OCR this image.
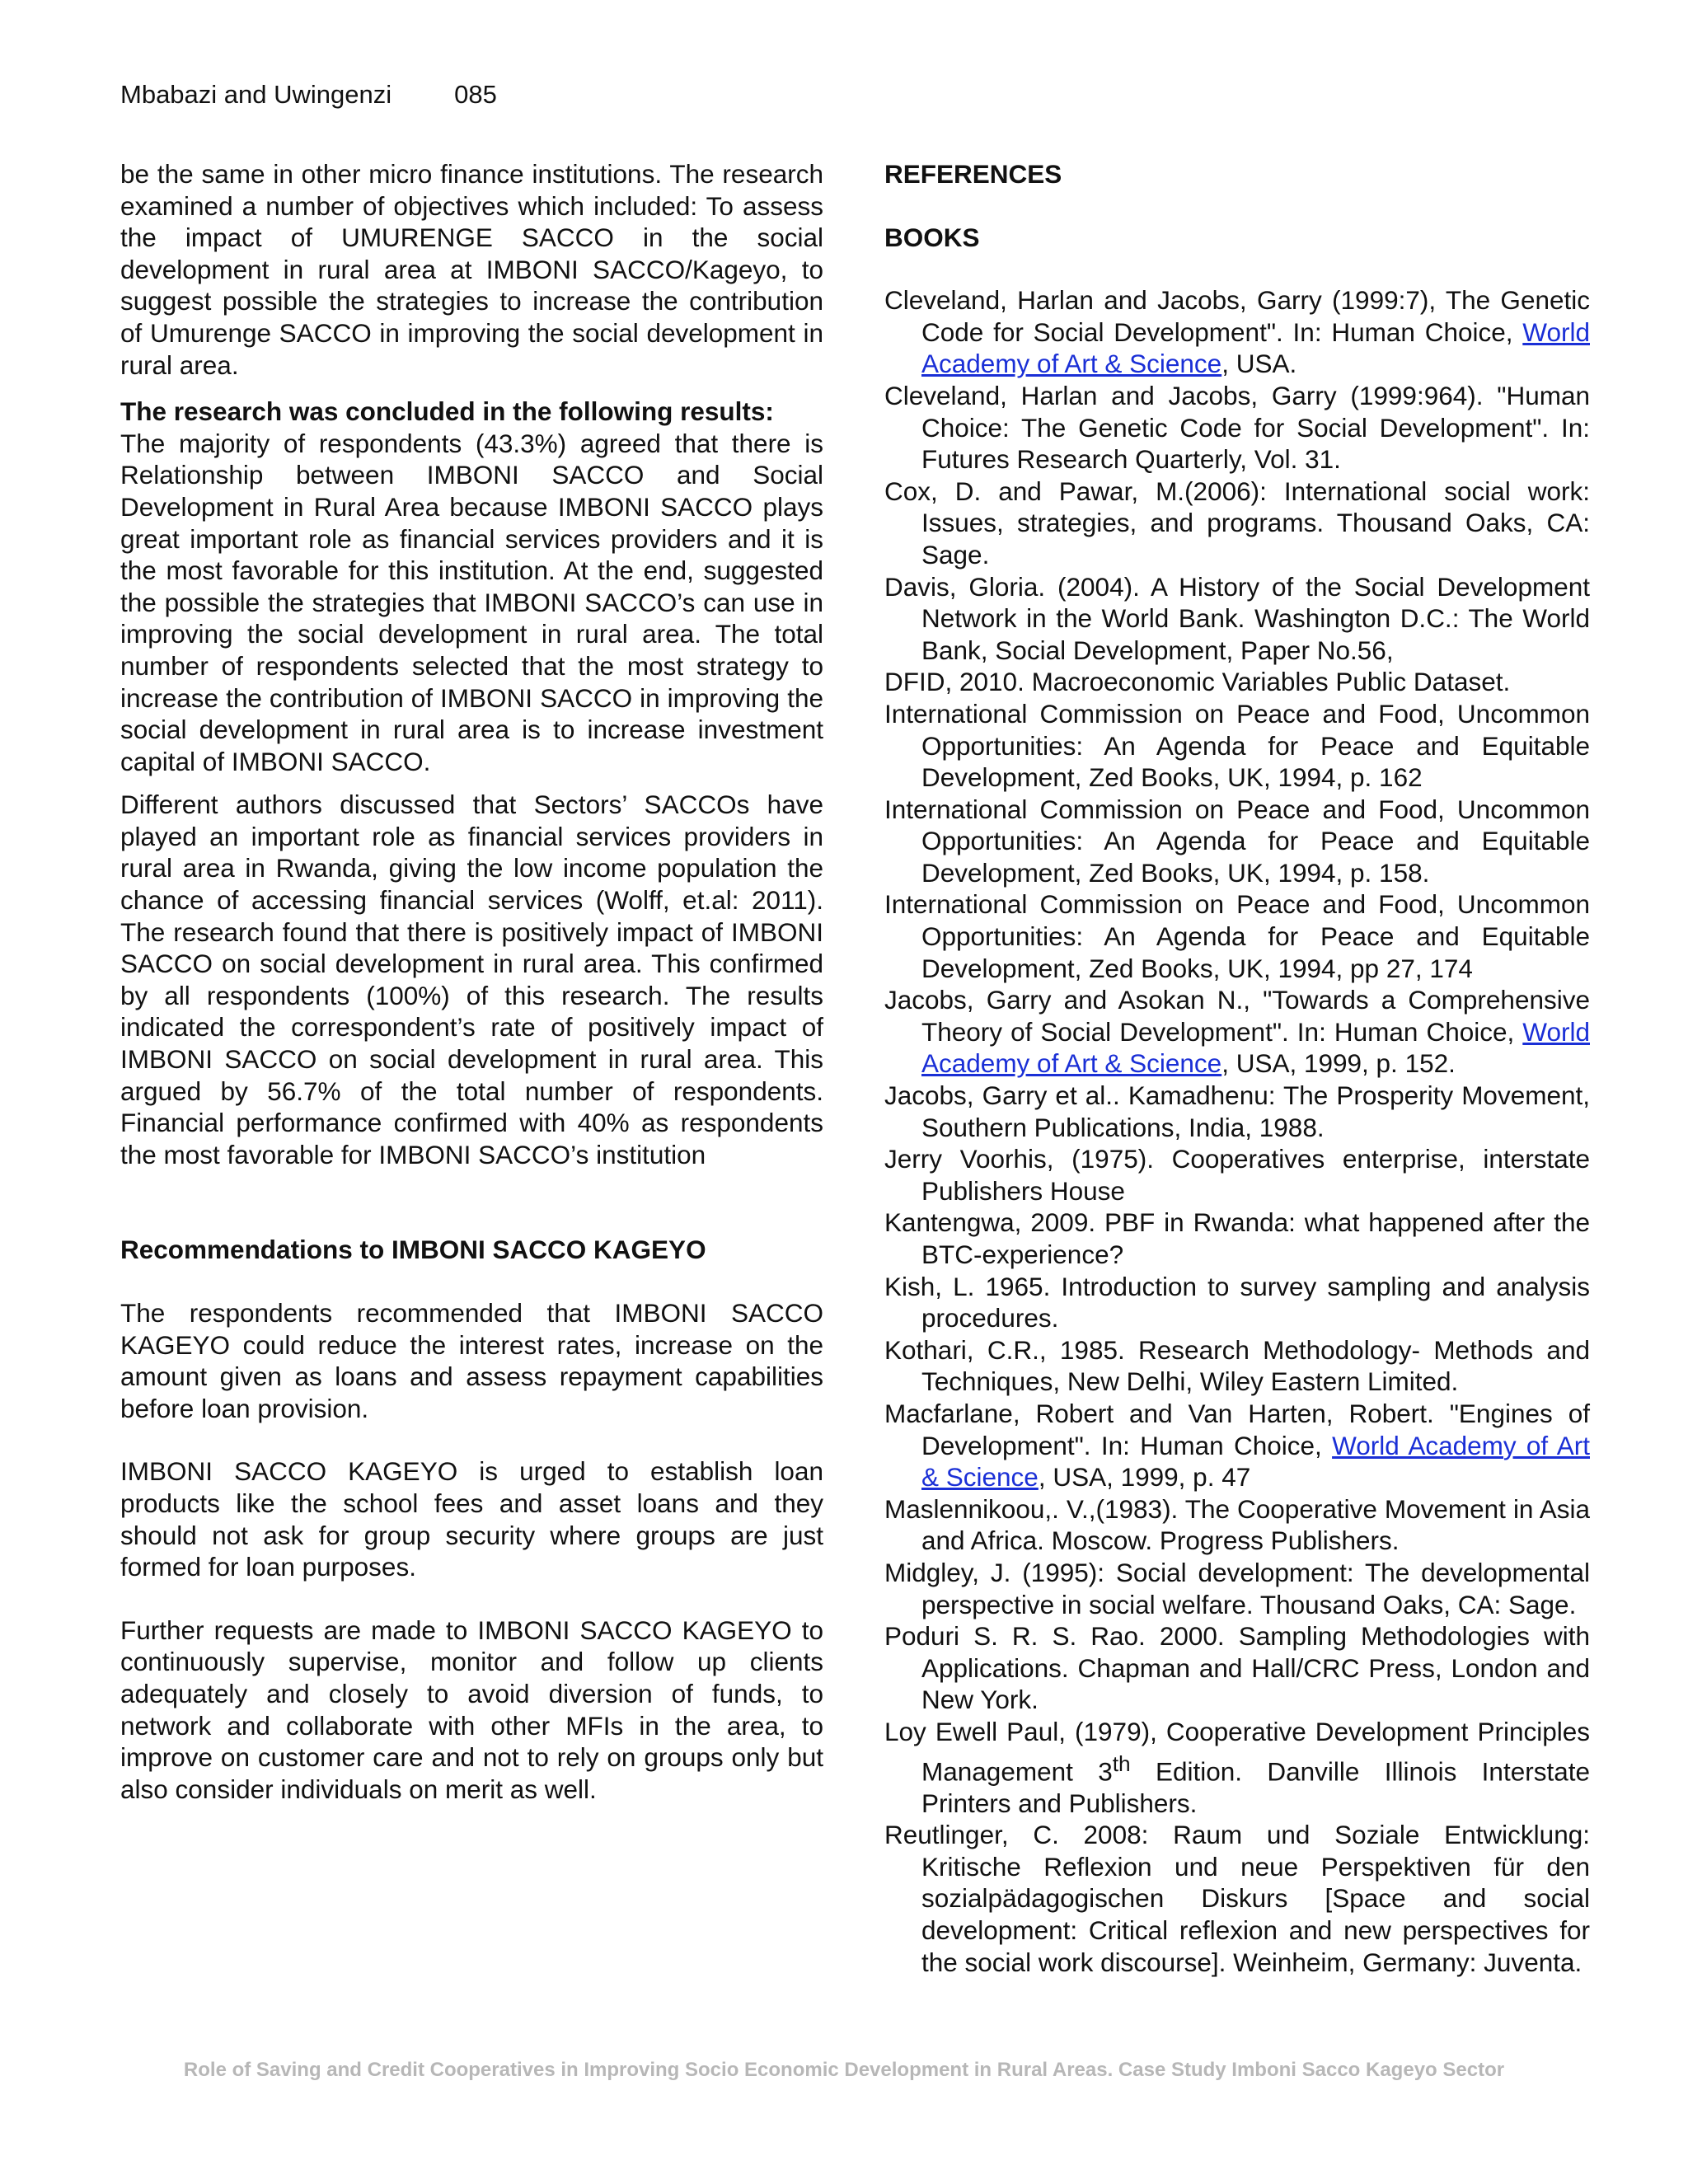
Mbabazi and Uwingenzi 085

be the same in other micro finance institutions. The research examined a number of objectives which included: To assess the impact of UMURENGE SACCO in the social development in rural area at IMBONI SACCO/Kageyo, to suggest possible the strategies to increase the contribution of Umurenge SACCO in improving the social development in rural area.

The research was concluded in the following results:

The majority of respondents (43.3%) agreed that there is Relationship between IMBONI SACCO and Social Development in Rural Area because IMBONI SACCO plays great important role as financial services providers and it is the most favorable for this institution. At the end, suggested the possible the strategies that IMBONI SACCO’s can use in improving the social development in rural area. The total number of respondents selected that the most strategy to increase the contribution of IMBONI SACCO in improving the social development in rural area is to increase investment capital of IMBONI SACCO.

Different authors discussed that Sectors’ SACCOs have played an important role as financial services providers in rural area in Rwanda, giving the low income population the chance of accessing financial services (Wolff, et.al: 2011). The research found that there is positively impact of IMBONI SACCO on social development in rural area. This confirmed by all respondents (100%) of this research. The results indicated the correspondent’s rate of positively impact of IMBONI SACCO on social development in rural area. This argued by 56.7% of the total number of respondents. Financial performance confirmed with 40% as respondents the most favorable for IMBONI SACCO’s institution

Recommendations to IMBONI SACCO KAGEYO

The respondents recommended that IMBONI SACCO KAGEYO could reduce the interest rates, increase on the amount given as loans and assess repayment capabilities before loan provision.

IMBONI SACCO KAGEYO is urged to establish loan products like the school fees and asset loans and they should not ask for group security where groups are just formed for loan purposes.

Further requests are made to IMBONI SACCO KAGEYO to continuously supervise, monitor and follow up clients adequately and closely to avoid diversion of funds, to network and collaborate with other MFIs in the area, to improve on customer care and not to rely on groups only but also consider individuals on merit as well.

REFERENCES

BOOKS

Cleveland, Harlan and Jacobs, Garry (1999:7), The Genetic Code for Social Development". In: Human Choice, World Academy of Art & Science, USA.
Cleveland, Harlan and Jacobs, Garry (1999:964). "Human Choice: The Genetic Code for Social Development". In: Futures Research Quarterly, Vol. 31.
Cox, D. and Pawar, M.(2006): International social work: Issues, strategies, and programs. Thousand Oaks, CA: Sage.
Davis, Gloria. (2004). A History of the Social Development Network in the World Bank. Washington D.C.: The World Bank, Social Development, Paper No.56,
DFID, 2010. Macroeconomic Variables Public Dataset.
International Commission on Peace and Food, Uncommon Opportunities: An Agenda for Peace and Equitable Development, Zed Books, UK, 1994, p. 162
International Commission on Peace and Food, Uncommon Opportunities: An Agenda for Peace and Equitable Development, Zed Books, UK, 1994, p. 158.
International Commission on Peace and Food, Uncommon Opportunities: An Agenda for Peace and Equitable Development, Zed Books, UK, 1994, pp 27, 174
Jacobs, Garry and Asokan N., "Towards a Comprehensive Theory of Social Development". In: Human Choice, World Academy of Art & Science, USA, 1999, p. 152.
Jacobs, Garry et al.. Kamadhenu: The Prosperity Movement, Southern Publications, India, 1988.
Jerry Voorhis, (1975). Cooperatives enterprise, interstate Publishers House
Kantengwa, 2009. PBF in Rwanda: what happened after the BTC-experience?
Kish, L. 1965. Introduction to survey sampling and analysis procedures.
Kothari, C.R., 1985. Research Methodology- Methods and Techniques, New Delhi, Wiley Eastern Limited.
Macfarlane, Robert and Van Harten, Robert. "Engines of Development". In: Human Choice, World Academy of Art & Science, USA, 1999, p. 47
Maslennikoou,. V.,(1983). The Cooperative Movement in Asia and Africa. Moscow. Progress Publishers.
Midgley, J. (1995): Social development: The developmental perspective in social welfare. Thousand Oaks, CA: Sage.
Poduri S. R. S. Rao. 2000. Sampling Methodologies with Applications. Chapman and Hall/CRC Press, London and New York.
Loy Ewell Paul, (1979), Cooperative Development Principles Management 3th Edition. Danville Illinois Interstate Printers and Publishers.
Reutlinger, C. 2008: Raum und Soziale Entwicklung: Kritische Reflexion und neue Perspektiven für den sozialpädagogischen Diskurs [Space and social development: Critical reflexion and new perspectives for the social work discourse]. Weinheim, Germany: Juventa.
Role of Saving and Credit Cooperatives in Improving Socio Economic Development in Rural Areas. Case Study Imboni Sacco Kageyo Sector
